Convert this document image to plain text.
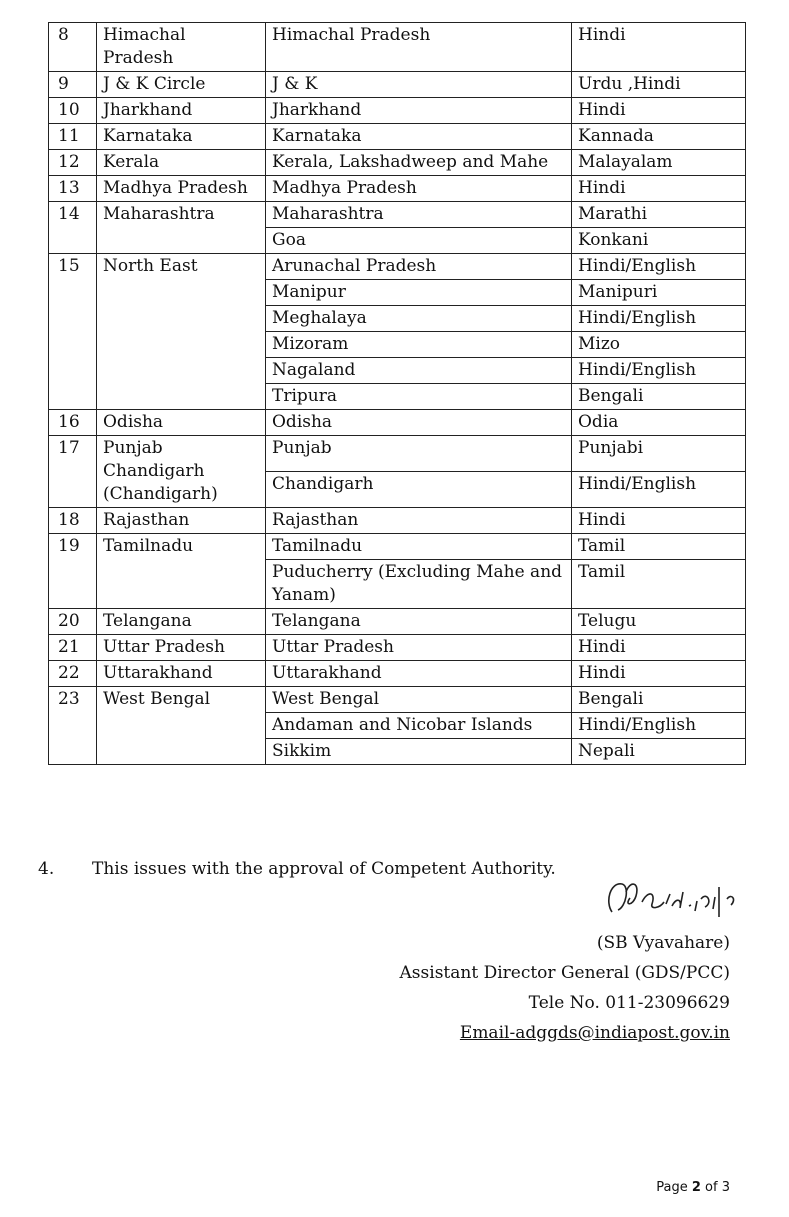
8	Himachal Pradesh	Himachal Pradesh	Hindi
9	J & K Circle	J & K	Urdu ,Hindi
10	Jharkhand	Jharkhand	Hindi
11	Karnataka	Karnataka	Kannada
12	Kerala	Kerala, Lakshadweep and Mahe	Malayalam
13	Madhya Pradesh	Madhya Pradesh	Hindi
14	Maharashtra	Maharashtra	Marathi
		Goa	Konkani
15	North East	Arunachal Pradesh	Hindi/English
		Manipur	Manipuri
		Meghalaya	Hindi/English
		Mizoram	Mizo
		Nagaland	Hindi/English
		Tripura	Bengali
16	Odisha	Odisha	Odia
17	Punjab Chandigarh (Chandigarh)	Punjab	Punjabi
		Chandigarh	Hindi/English
18	Rajasthan	Rajasthan	Hindi
19	Tamilnadu	Tamilnadu	Tamil
		Puducherry (Excluding Mahe and Yanam)	Tamil
20	Telangana	Telangana	Telugu
21	Uttar Pradesh	Uttar Pradesh	Hindi
22	Uttarakhand	Uttarakhand	Hindi
23	West Bengal	West Bengal	Bengali
		Andaman and Nicobar Islands	Hindi/English
		Sikkim	Nepali
4. This issues with the approval of Competent Authority.
(SB Vyavahare)
Assistant Director General (GDS/PCC)
Tele No. 011-23096629
Email-adggds@indiapost.gov.in
Page 2 of 3
